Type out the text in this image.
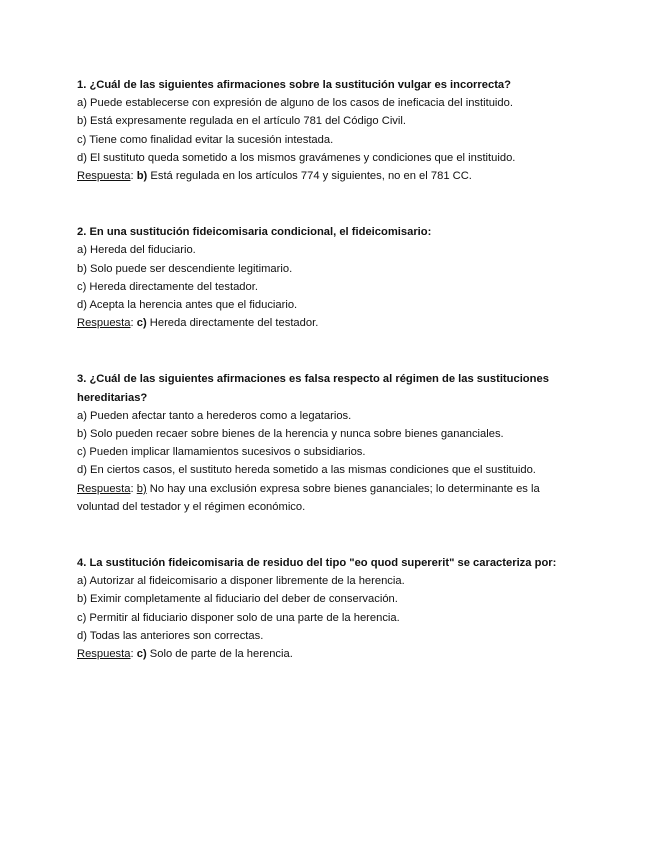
1. ¿Cuál de las siguientes afirmaciones sobre la sustitución vulgar es incorrecta?
a) Puede establecerse con expresión de alguno de los casos de ineficacia del instituido.
b) Está expresamente regulada en el artículo 781 del Código Civil.
c) Tiene como finalidad evitar la sucesión intestada.
d) El sustituto queda sometido a los mismos gravámenes y condiciones que el instituido.
Respuesta: b) Está regulada en los artículos 774 y siguientes, no en el 781 CC.
2. En una sustitución fideicomisaria condicional, el fideicomisario:
a) Hereda del fiduciario.
b) Solo puede ser descendiente legitimario.
c) Hereda directamente del testador.
d) Acepta la herencia antes que el fiduciario.
Respuesta: c) Hereda directamente del testador.
3. ¿Cuál de las siguientes afirmaciones es falsa respecto al régimen de las sustituciones hereditarias?
a) Pueden afectar tanto a herederos como a legatarios.
b) Solo pueden recaer sobre bienes de la herencia y nunca sobre bienes gananciales.
c) Pueden implicar llamamientos sucesivos o subsidiarios.
d) En ciertos casos, el sustituto hereda sometido a las mismas condiciones que el sustituido.
Respuesta: b) No hay una exclusión expresa sobre bienes gananciales; lo determinante es la voluntad del testador y el régimen económico.
4. La sustitución fideicomisaria de residuo del tipo "eo quod supererit" se caracteriza por:
a) Autorizar al fideicomisario a disponer libremente de la herencia.
b) Eximir completamente al fiduciario del deber de conservación.
c) Permitir al fiduciario disponer solo de una parte de la herencia.
d) Todas las anteriores son correctas.
Respuesta: c) Solo de parte de la herencia.
